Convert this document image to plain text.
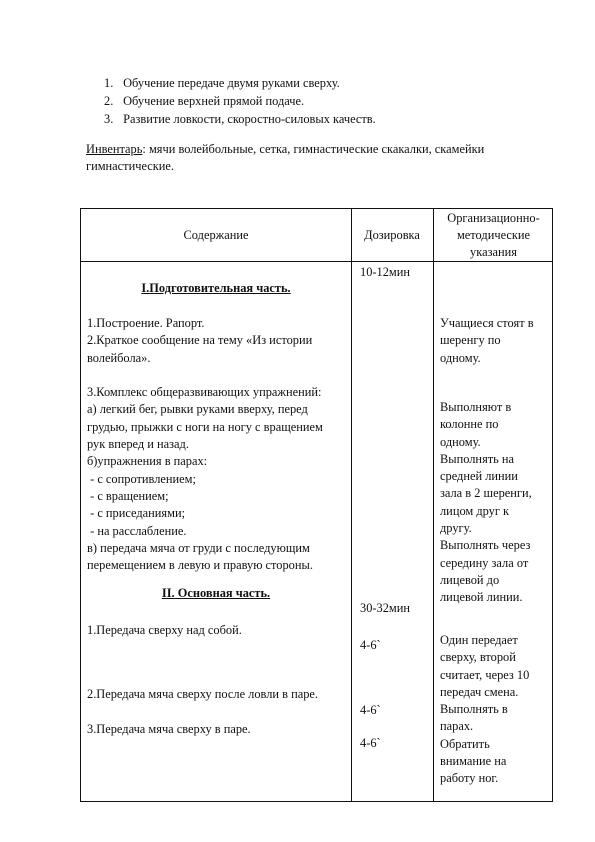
1. Обучение передаче двумя руками сверху.
2. Обучение верхней прямой подаче.
3. Развитие ловкости, скоростно-силовых качеств.
Инвентарь: мячи волейбольные, сетка, гимнастические скакалки, скамейки гимнастические.
Содержание	Дозировка
Организационно-
методические
указания
I.Подготовительная часть.
10-12мин
1.Построение. Рапорт.
2.Краткое сообщение на тему «Из истории
волейбола».
3.Комплекс общеразвивающих упражнений:
а) легкий бег, рывки руками вверху, перед
грудью, прыжки с ноги на ногу с вращением
рук вперед и назад.
б)упражнения в парах:
- с сопротивлением;
- с вращением;
- с приседаниями;
- на расслабление.
в) передача мяча от груди с последующим
перемещением в левую и правую стороны.
Учащиеся стоят в
шеренгу по
одному.
Выполняют в
колонне по
одному.
Выполнять на
средней линии
зала в 2 шеренги,
лицом друг к
другу.
Выполнять через
середину зала от
лицевой до
лицевой линии.
II. Основная часть.
30-32мин
1.Передача сверху над собой.
4-6`
2.Передача мяча сверху после ловли в паре.
4-6`
3.Передача мяча сверху в паре.
4-6`
Один передает
сверху, второй
считает, через 10
передач смена.
Выполнять в
парах.
Обратить
внимание на
работу ног.
